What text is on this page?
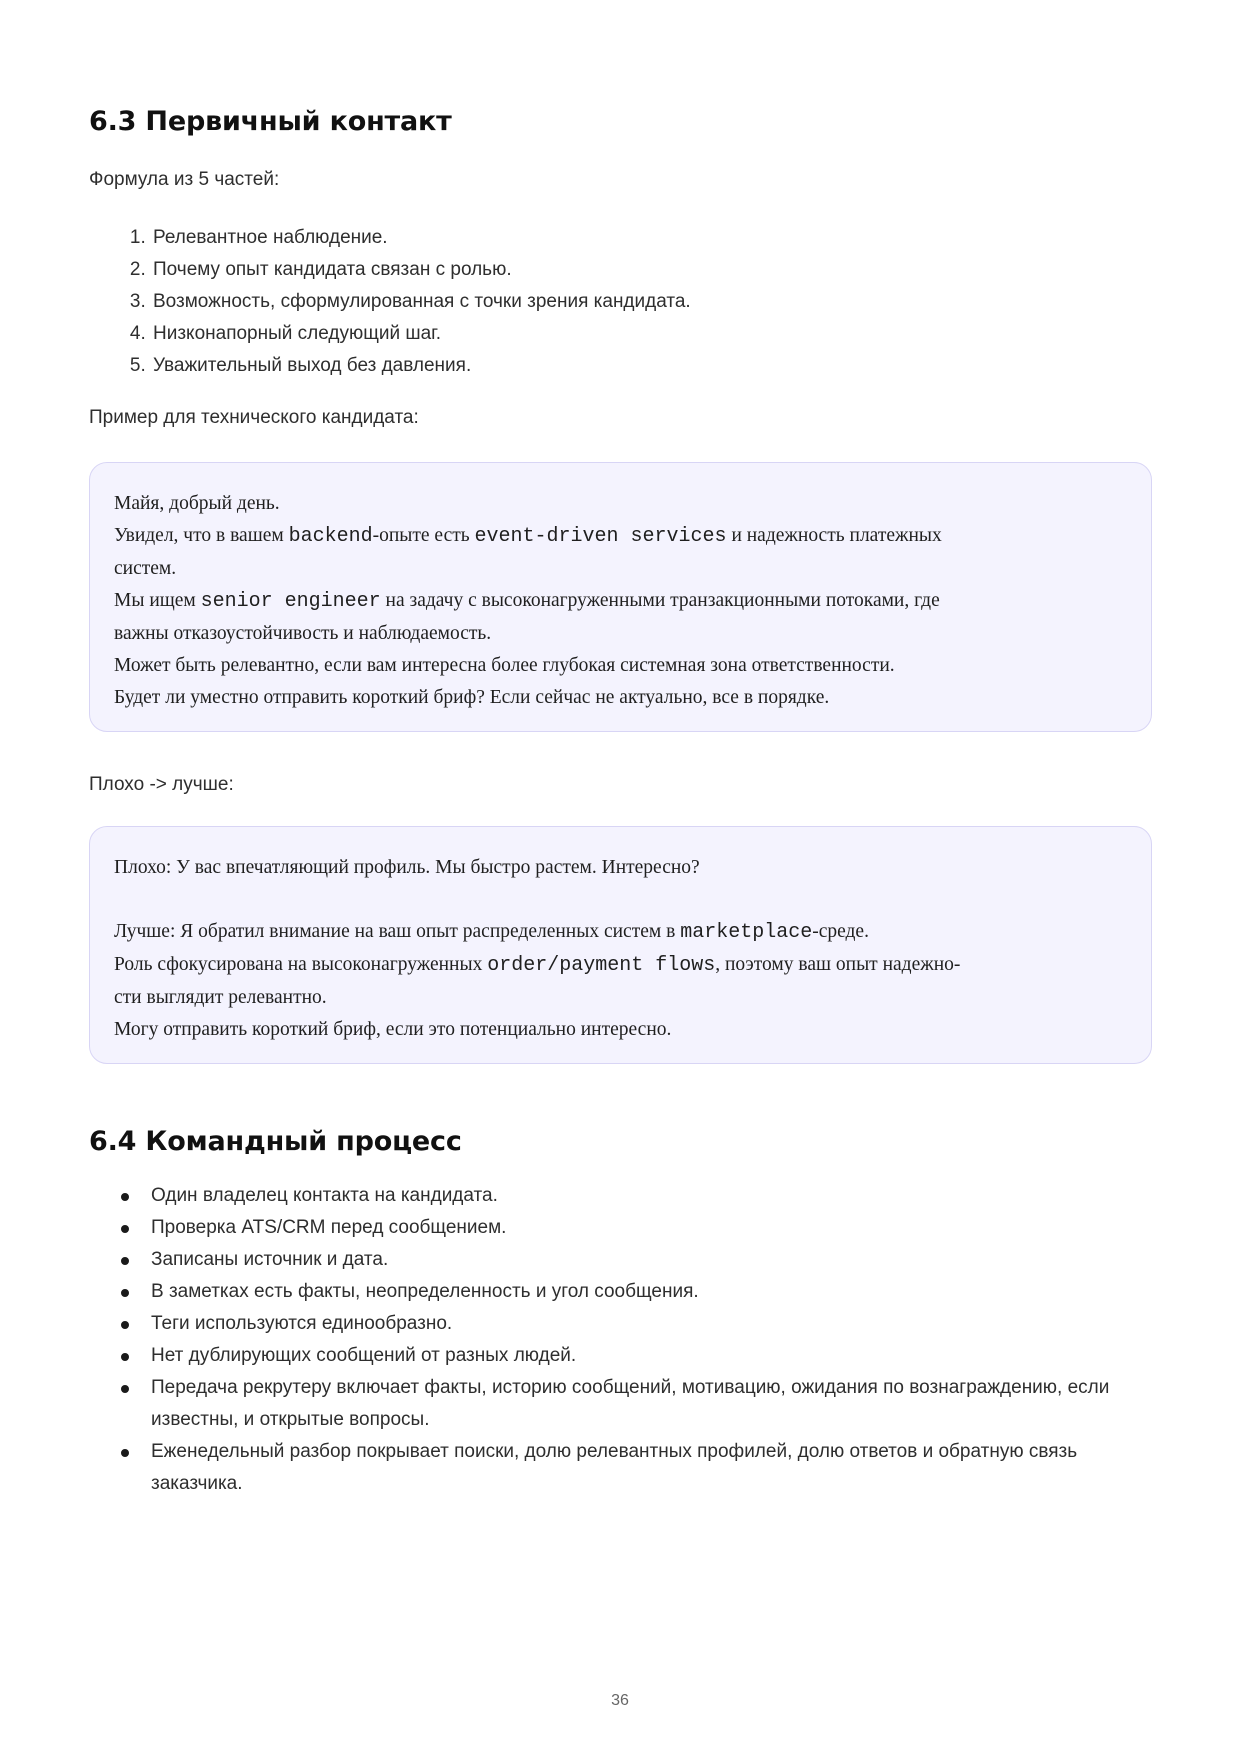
6.3 Первичный контакт

Формула из 5 частей:

1. Релевантное наблюдение.
2. Почему опыт кандидата связан с ролью.
3. Возможность, сформулированная с точки зрения кандидата.
4. Низконапорный следующий шаг.
5. Уважительный выход без давления.

Пример для технического кандидата:

Майя, добрый день.
Увидел, что в вашем backend-опыте есть event-driven services и надежность платежных
систем.
Мы ищем senior engineer на задачу с высоконагруженными транзакционными потоками, где
важны отказоустойчивость и наблюдаемость.
Может быть релевантно, если вам интересна более глубокая системная зона ответственности.
Будет ли уместно отправить короткий бриф? Если сейчас не актуально, все в порядке.

Плохо -> лучше:

Плохо: У вас впечатляющий профиль. Мы быстро растем. Интересно?
Лучше: Я обратил внимание на ваш опыт распределенных систем в marketplace-среде.
Роль сфокусирована на высоконагруженных order/payment flows, поэтому ваш опыт надежно-
сти выглядит релевантно.
Могу отправить короткий бриф, если это потенциально интересно.
6.4 Командный процесс
Один владелец контакта на кандидата.
Проверка ATS/CRM перед сообщением.
Записаны источник и дата.
В заметках есть факты, неопределенность и угол сообщения.
Теги используются единообразно.
Нет дублирующих сообщений от разных людей.
Передача рекрутеру включает факты, историю сообщений, мотивацию, ожидания по вознаграждению, если известны, и открытые вопросы.
Еженедельный разбор покрывает поиски, долю релевантных профилей, долю ответов и обратную связь заказчика.
36
